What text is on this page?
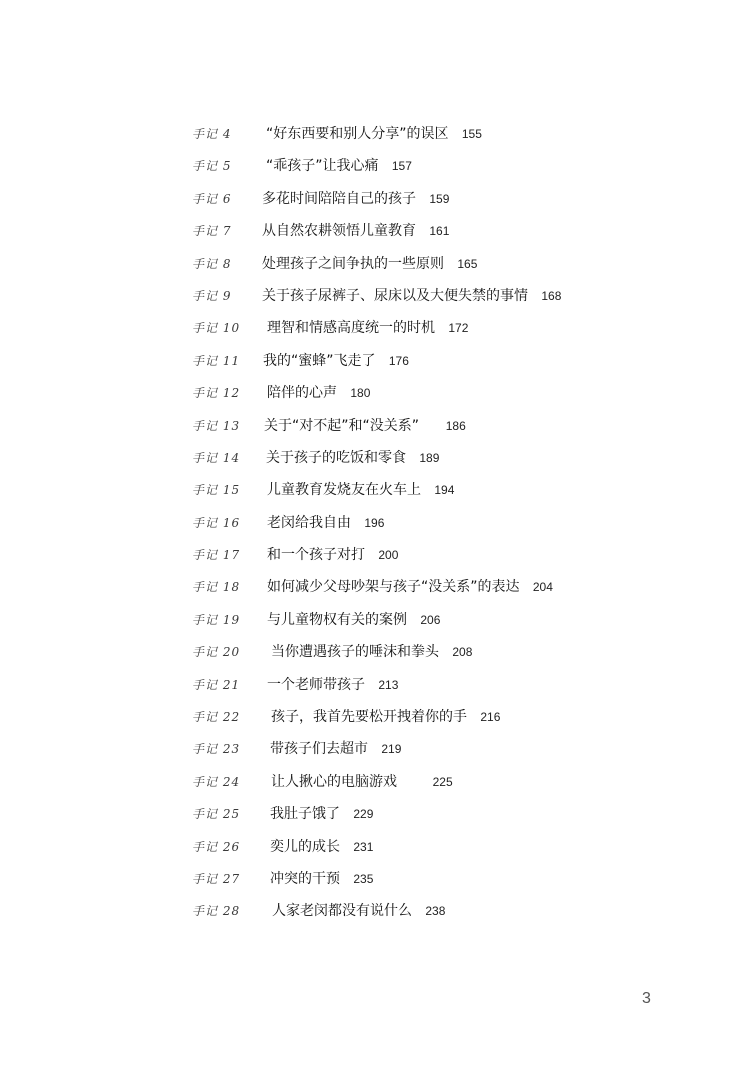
手记 4 “好东西要和别人分享”的误区 155
手记 5 “乖孩子”让我心痛 157
手记 6 多花时间陪陪自己的孩子 159
手记 7 从自然农耕领悟儿童教育 161
手记 8 处理孩子之间争执的一些原则 165
手记 9 关于孩子尿裤子、尿床以及大便失禁的事情 168
手记 10 理智和情感高度统一的时机 172
手记 11 我的“蜜蜂”飞走了 176
手记 12 陪伴的心声 180
手记 13 关于“对不起”和“没关系” 186
手记 14 关于孩子的吃饭和零食 189
手记 15 儿童教育发烧友在火车上 194
手记 16 老闵给我自由 196
手记 17 和一个孩子对打 200
手记 18 如何减少父母吵架与孩子“没关系”的表达 204
手记 19 与儿童物权有关的案例 206
手记 20 当你遭遇孩子的唾沫和拳头 208
手记 21 一个老师带孩子 213
手记 22 孩子，我首先要松开拽着你的手 216
手记 23 带孩子们去超市 219
手记 24 让人揪心的电脑游戏	225
手记 25 我肚子饿了 229
手记 26 奕儿的成长 231
手记 27 冲突的干预 235
手记 28 人家老闵都没有说什么 238
3
